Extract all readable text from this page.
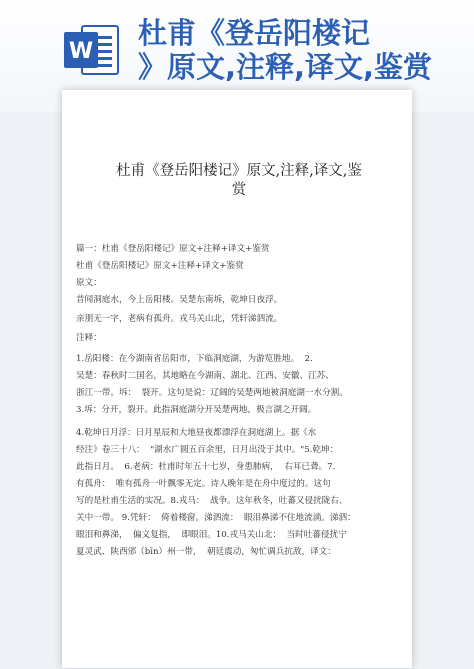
W
杜甫《登岳阳楼记
》原文,注释,译文,鉴赏
杜甫《登岳阳楼记》原文,注释,译文,鉴
赏
篇一：杜甫《登岳阳楼记》原文+注释+译文+鉴赏
杜甫《登岳阳楼记》原文+注释+译文+鉴赏
原文：
昔闻洞庭水，今上岳阳楼。吴楚东南坼，乾坤日夜浮。
亲朋无一字，老病有孤舟。戎马关山北，凭轩涕泗流。
注释：
1.岳阳楼：在今湖南省岳阳市，下临洞庭湖，为游览胜地。  2.
吴楚：春秋时二国名，其地略在今湖南、湖北、江西、安徽、江苏、
浙江一带。坼：  裂开。这句是说：辽阔的吴楚两地被洞庭湖一水分割。
3.坼：分开，裂开。此指洞庭湖分开吴楚两地，极言湖之开阔。
4.乾坤日月浮：日月星辰和大地昼夜都漂浮在洞庭湖上。据《水
经注》卷三十八：  "湖水广圆五百余里，日月出没于其中。"5.乾坤：
此指日月。  6.老病：杜甫时年五十七岁，身患肺病，  右耳已聋。7.
有孤舟：  唯有孤舟一叶飘零无定。诗人晚年是在舟中度过的。这句
写的是杜甫生活的实况。8.戎马：  战争。这年秋冬，吐蕃又侵扰陇右、
关中一带。 9.凭轩：  倚着楼窗。涕泗流：  眼泪鼻涕不住地流淌。涕泗：
眼泪和鼻涕，  偏义复指，  即眼泪。10.戎马关山北：  当时吐蕃侵扰宁
夏灵武、陕西邠（bīn）州一带，  朝廷震动，匆忙调兵抗敌，译文：
